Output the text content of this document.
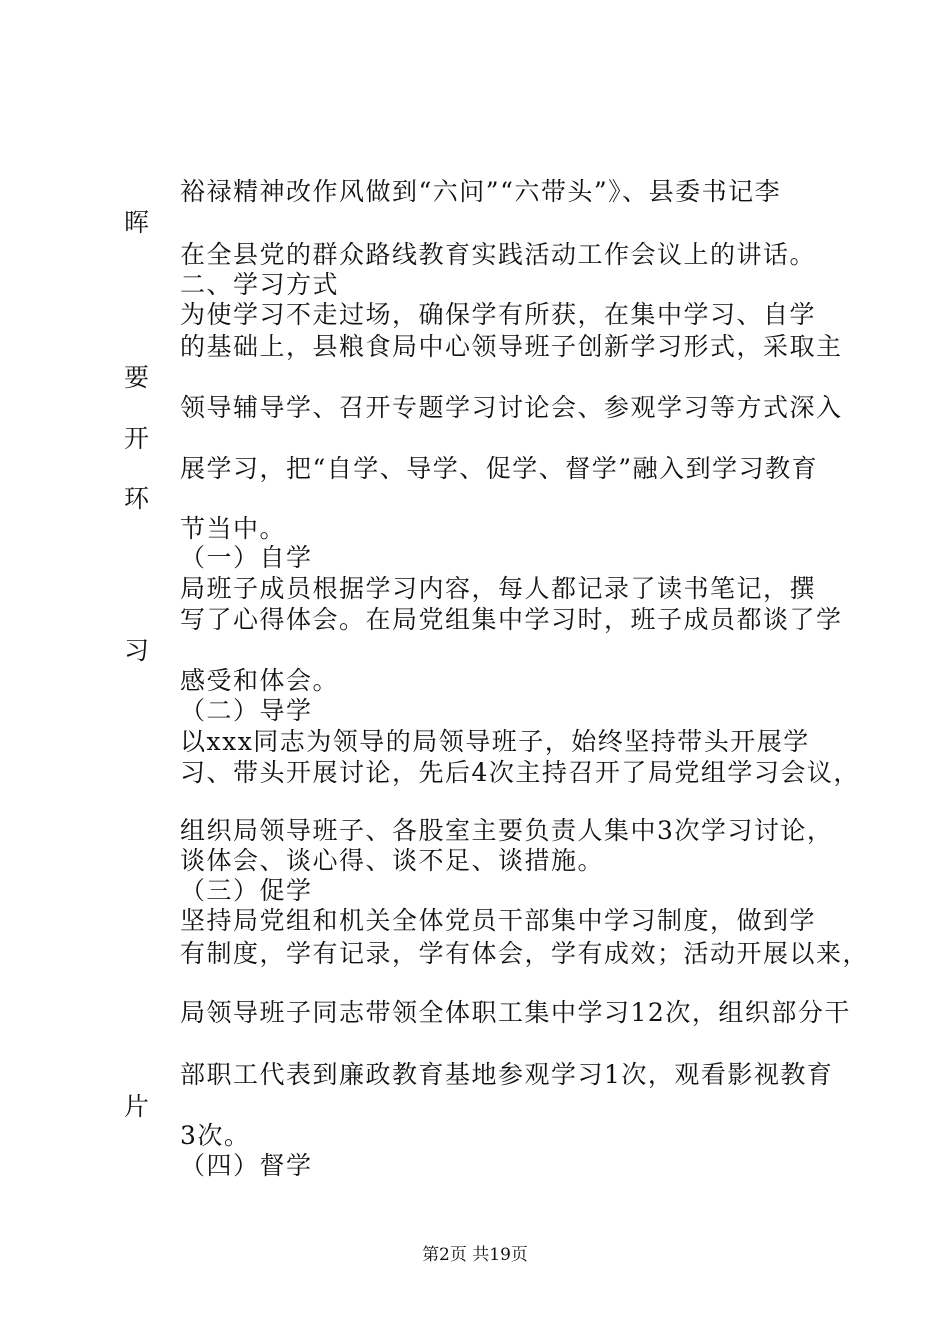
裕禄精神改作风做到“六问”“六带头”》、县委书记李
晖
在全县党的群众路线教育实践活动工作会议上的讲话。
二、学习方式
为使学习不走过场，确保学有所获，在集中学习、自学
的基础上，县粮食局中心领导班子创新学习形式，采取主
要
领导辅导学、召开专题学习讨论会、参观学习等方式深入
开
展学习，把“自学、导学、促学、督学”融入到学习教育
环
节当中。
（一）自学
局班子成员根据学习内容，每人都记录了读书笔记，撰
写了心得体会。在局党组集中学习时，班子成员都谈了学
习
感受和体会。
（二）导学
以xxx同志为领导的局领导班子，始终坚持带头开展学
习、带头开展讨论，先后4次主持召开了局党组学习会议，
组织局领导班子、各股室主要负责人集中3次学习讨论，
谈体会、谈心得、谈不足、谈措施。
（三）促学
坚持局党组和机关全体党员干部集中学习制度，做到学
有制度，学有记录，学有体会，学有成效；活动开展以来，
局领导班子同志带领全体职工集中学习12次，组织部分干
部职工代表到廉政教育基地参观学习1次，观看影视教育
片
3次。
（四）督学
第2页 共19页
